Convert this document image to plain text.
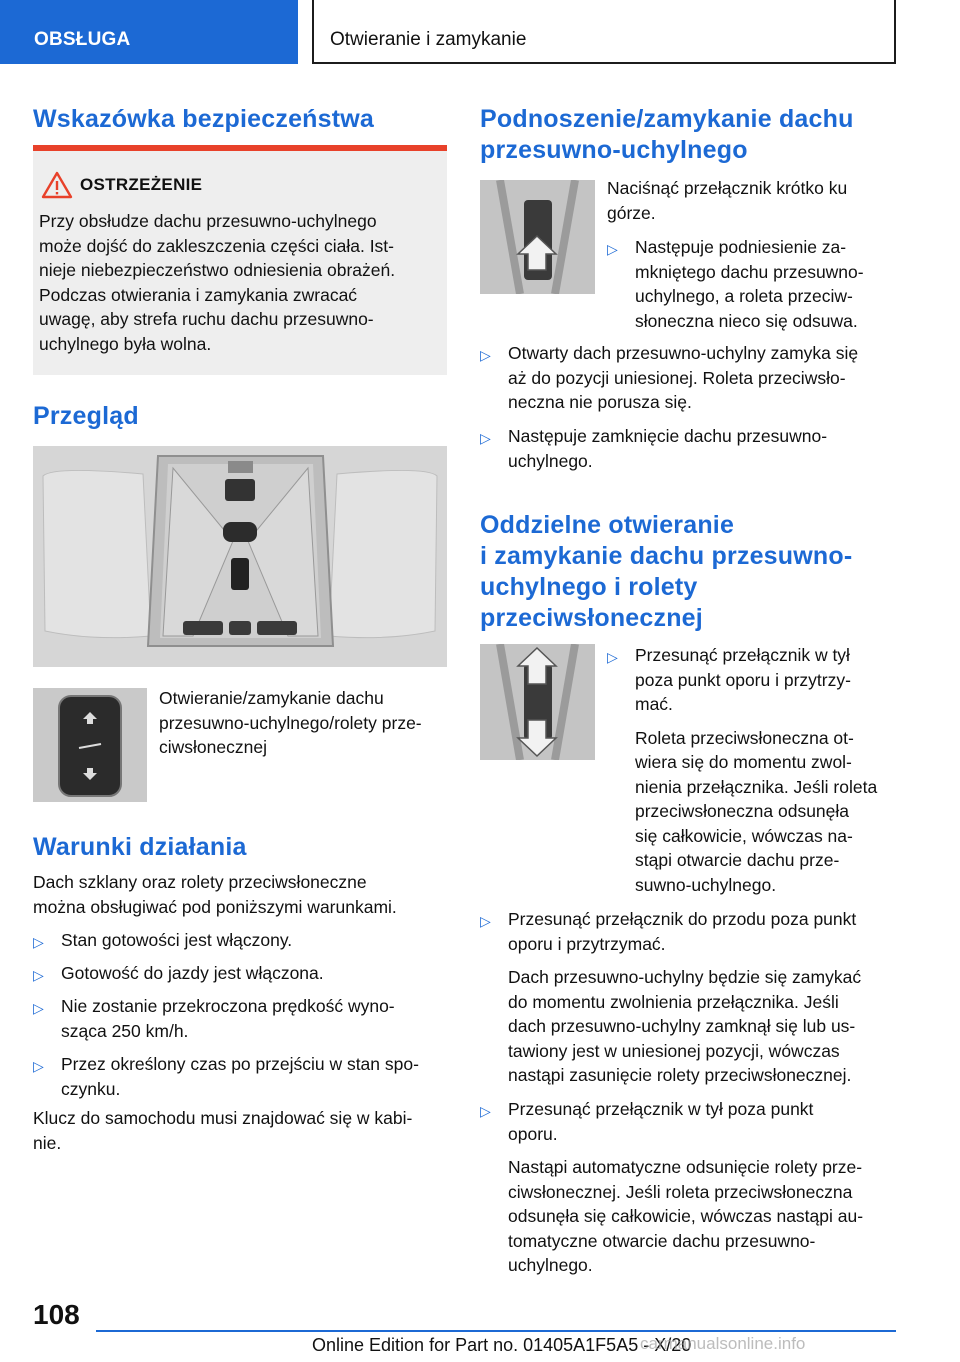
OBSŁUGA	Otwieranie i zamykanie
Wskazówka bezpieczeństwa
OSTRZEŻENIE
Przy obsłudze dachu przesuwno-uchylnego
może dojść do zakleszczenia części ciała. Ist-
nieje niebezpieczeństwo odniesienia obrażeń.
Podczas otwierania i zamykania zwracać
uwagę, aby strefa ruchu dachu przesuwno-
uchylnego była wolna.
Przegląd
Otwieranie/zamykanie dachu
przesuwno-uchylnego/rolety prze-
ciwsłonecznej
Warunki działania
Dach szklany oraz rolety przeciwsłoneczne
można obsługiwać pod poniższymi warunkami.
▷ Stan gotowości jest włączony.
▷ Gotowość do jazdy jest włączona.
▷ Nie zostanie przekroczona prędkość wyno-
sząca 250 km/h.
▷ Przez określony czas po przejściu w stan spo-
czynku.
Klucz do samochodu musi znajdować się w kabi-
nie.
Podnoszenie/zamykanie dachu
przesuwno-uchylnego
Naciśnąć przełącznik krótko ku
górze.
▷ Następuje podniesienie za-
mkniętego dachu przesuwno-
uchylnego, a roleta przeciw-
słoneczna nieco się odsuwa.
▷ Otwarty dach przesuwno-uchylny zamyka się
aż do pozycji uniesionej. Roleta przeciwsło-
neczna nie porusza się.
▷ Następuje zamknięcie dachu przesuwno-
uchylnego.
Oddzielne otwieranie
i zamykanie dachu przesuwno-
uchylnego i rolety
przeciwsłonecznej
▷ Przesunąć przełącznik w tył
poza punkt oporu i przytrzy-
mać.
Roleta przeciwsłoneczna ot-
wiera się do momentu zwol-
nienia przełącznika. Jeśli roleta
przeciwsłoneczna odsunęła
się całkowicie, wówczas na-
stąpi otwarcie dachu prze-
suwno-uchylnego.
▷ Przesunąć przełącznik do przodu poza punkt
oporu i przytrzymać.
Dach przesuwno-uchylny będzie się zamykać
do momentu zwolnienia przełącznika. Jeśli
dach przesuwno-uchylny zamknął się lub us-
tawiony jest w uniesionej pozycji, wówczas
nastąpi zasunięcie rolety przeciwsłonecznej.
▷ Przesunąć przełącznik w tył poza punkt
oporu.
Nastąpi automatyczne odsunięcie rolety prze-
ciwsłonecznej. Jeśli roleta przeciwsłoneczna
odsunęła się całkowicie, wówczas nastąpi au-
tomatyczne otwarcie dachu przesuwno-
uchylnego.
108
Online Edition for Part no. 01405A1F5A5 - X/20
carmanualsonline.info
